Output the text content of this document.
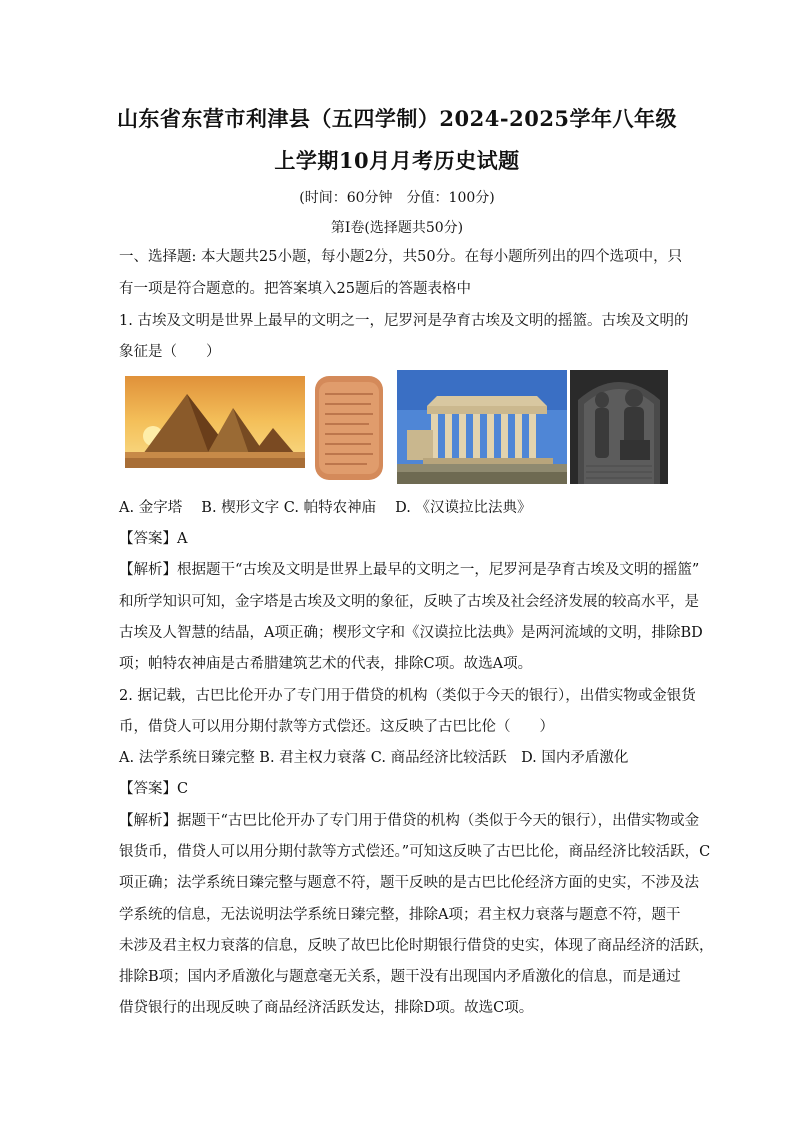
山东省东营市利津县（五四学制）2024-2025学年八年级
上学期10月月考历史试题
(时间：60分钟　分值：100分)
第Ⅰ卷(选择题共50分)
一、选择题: 本大题共25小题，每小题2分，共50分。在每小题所列出的四个选项中，只
有一项是符合题意的。把答案填入25题后的答题表格中
1. 古埃及文明是世界上最早的文明之一，尼罗河是孕育古埃及文明的摇篮。古埃及文明的
象征是（　　）
A. 金字塔　 B. 楔形文字 C. 帕特农神庙　 D. 《汉谟拉比法典》
【答案】A
【解析】根据题干“古埃及文明是世界上最早的文明之一，尼罗河是孕育古埃及文明的摇篮”
和所学知识可知，金字塔是古埃及文明的象征，反映了古埃及社会经济发展的较高水平，是
古埃及人智慧的结晶，A项正确；楔形文字和《汉谟拉比法典》是两河流域的文明，排除BD
项；帕特农神庙是古希腊建筑艺术的代表，排除C项。故选A项。
2. 据记载，古巴比伦开办了专门用于借贷的机构（类似于今天的银行），出借实物或金银货
币，借贷人可以用分期付款等方式偿还。这反映了古巴比伦（　　）
A. 法学系统日臻完整 B. 君主权力衰落 C. 商品经济比较活跃　D. 国内矛盾激化
【答案】C
【解析】据题干“古巴比伦开办了专门用于借贷的机构（类似于今天的银行），出借实物或金
银货币，借贷人可以用分期付款等方式偿还。”可知这反映了古巴比伦，商品经济比较活跃，C
项正确；法学系统日臻完整与题意不符，题干反映的是古巴比伦经济方面的史实，不涉及法
学系统的信息，无法说明法学系统日臻完整，排除A项；君主权力衰落与题意不符，题干
未涉及君主权力衰落的信息，反映了故巴比伦时期银行借贷的史实，体现了商品经济的活跃，
排除B项；国内矛盾激化与题意毫无关系，题干没有出现国内矛盾激化的信息，而是通过
借贷银行的出现反映了商品经济活跃发达，排除D项。故选C项。
